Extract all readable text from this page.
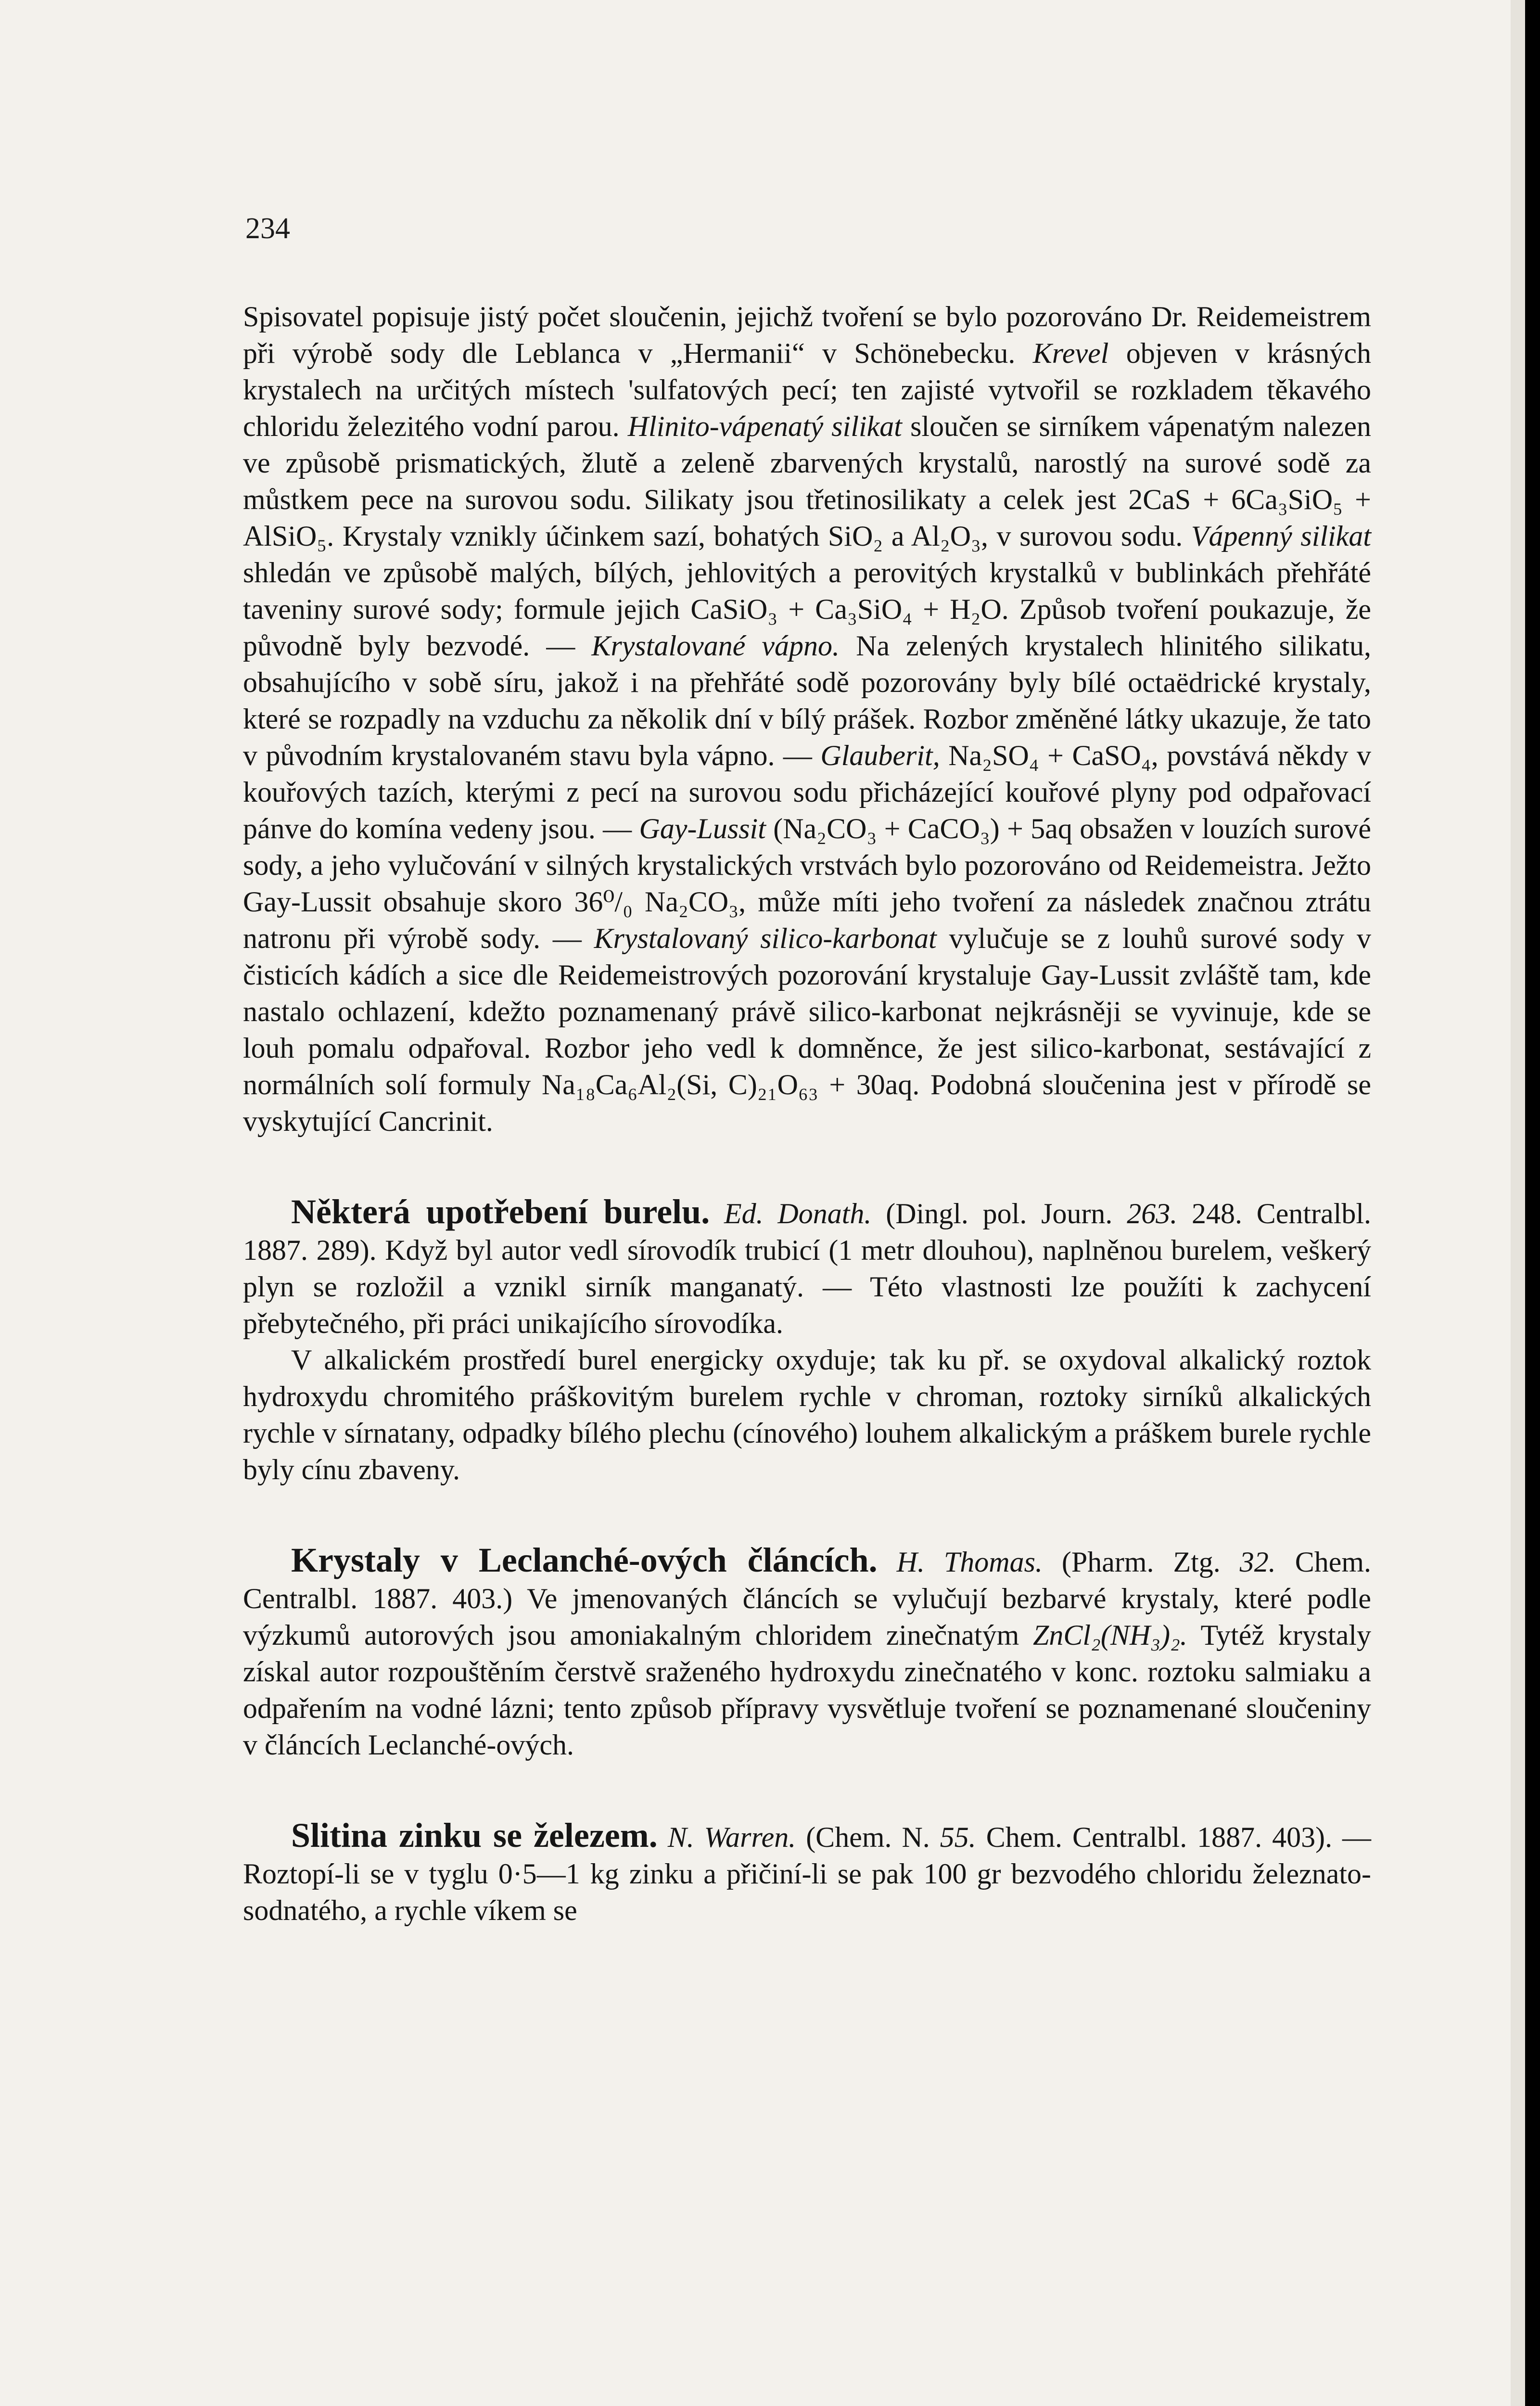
234

Spisovatel popisuje jistý počet sloučenin, jejichž tvoření se bylo pozorováno Dr. Reidemeistrem při výrobě sody dle Leblanca v „Hermanii“ v Schönebecku. Krevel objeven v krásných krystalech na určitých místech 'sulfatových pecí; ten zajisté vytvořil se rozkladem těkavého chloridu železitého vodní parou. Hlinito-vápenatý silikat sloučen se sirníkem vápenatým nalezen ve způsobě prismatických, žlutě a zeleně zbarvených krystalů, narostlý na surové sodě za můstkem pece na surovou sodu. Silikaty jsou třetinosilikaty a celek jest 2CaS + 6Ca₃SiO₅ + AlSiO₅. Krystaly vznikly účinkem sazí, bohatých SiO₂ a Al₂O₃, v surovou sodu. Vápenný silikat shledán ve způsobě malých, bílých, jehlovitých a perovitých krystalků v bublinkách přehřáté taveniny surové sody; formule jejich CaSiO₃ + Ca₃SiO₄ + H₂O. Způsob tvoření poukazuje, že původně byly bezvodé. — Krystalované vápno. Na zelených krystalech hlinitého silikatu, obsahujícího v sobě síru, jakož i na přehřáté sodě pozorovány byly bílé octaëdrické krystaly, které se rozpadly na vzduchu za několik dní v bílý prášek. Rozbor změněné látky ukazuje, že tato v původním krystalovaném stavu byla vápno. — Glauberit, Na₂SO₄ + CaSO₄, povstává někdy v kouřových tazích, kterými z pecí na surovou sodu přicházející kouřové plyny pod odpařovací pánve do komína vedeny jsou. — Gay-Lussit (Na₂CO₃ + CaCO₃) + 5aq obsažen v louzích surové sody, a jeho vylučování v silných krystalických vrstvách bylo pozorováno od Reidemeistra. Ježto Gay-Lussit obsahuje skoro 36⁰/₀ Na₂CO₃, může míti jeho tvoření za následek značnou ztrátu natronu při výrobě sody. — Krystalovaný silico-karbonat vylučuje se z louhů surové sody v čisticích kádích a sice dle Reidemeistrových pozorování krystaluje Gay-Lussit zvláště tam, kde nastalo ochlazení, kdežto poznamenaný právě silico-karbonat nejkrásněji se vyvinuje, kde se louh pomalu odpařoval. Rozbor jeho vedl k domněnce, že jest silico-karbonat, sestávající z normálních solí formuly Na₁₈Ca₆Al₂(Si, C)₂₁O₆₃ + 30aq. Podobná sloučenina jest v přírodě se vyskytující Cancrinit.

Některá upotřebení burelu. Ed. Donath. (Dingl. pol. Journ. 263. 248. Centralbl. 1887. 289). Když byl autor vedl sírovodík trubicí (1 metr dlouhou), naplněnou burelem, veškerý plyn se rozložil a vznikl sirník manganatý. — Této vlastnosti lze použíti k zachycení přebytečného, při práci unikajícího sírovodíka.

V alkalickém prostředí burel energicky oxyduje; tak ku př. se oxydoval alkalický roztok hydroxydu chromitého práškovitým burelem rychle v chroman, roztoky sirníků alkalických rychle v sírnatany, odpadky bílého plechu (cínového) louhem alkalickým a práškem burele rychle byly cínu zbaveny.

Krystaly v Leclanché-ových článcích. H. Thomas. (Pharm. Ztg. 32. Chem. Centralbl. 1887. 403.) Ve jmenovaných článcích se vylučují bezbarvé krystaly, které podle výzkumů autorových jsou amoniakalným chloridem zinečnatým ZnCl₂(NH₃)₂. Tytéž krystaly získal autor rozpouštěním čerstvě sraženého hydroxydu zinečnatého v konc. roztoku salmiaku a odpařením na vodné lázni; tento způsob přípravy vysvětluje tvoření se poznamenané sloučeniny v článcích Leclanché-ových.

Slitina zinku se železem. N. Warren. (Chem. N. 55. Chem. Centralbl. 1887. 403). — Roztopí-li se v tyglu 0·5—1 kg zinku a přičiní-li se pak 100 gr bezvodého chloridu železnato-sodnatého, a rychle víkem se
